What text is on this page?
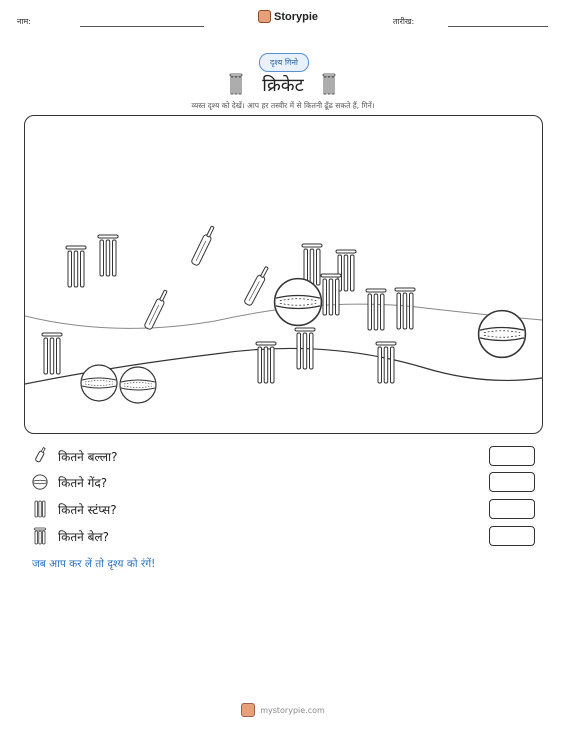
नाम:	Storypie	तारीख:
दृश्य गिनो
क्रिकेट
व्यस्त दृश्य को देखें। आप हर तस्वीर में से कितनी ढूँढ सकते हैं, गिनें।
कितने बल्ला?
कितने गेंद?
कितने स्टंप्स?
कितने बेल?
जब आप कर लें तो दृश्य को रंगें!
mystorypie.com
